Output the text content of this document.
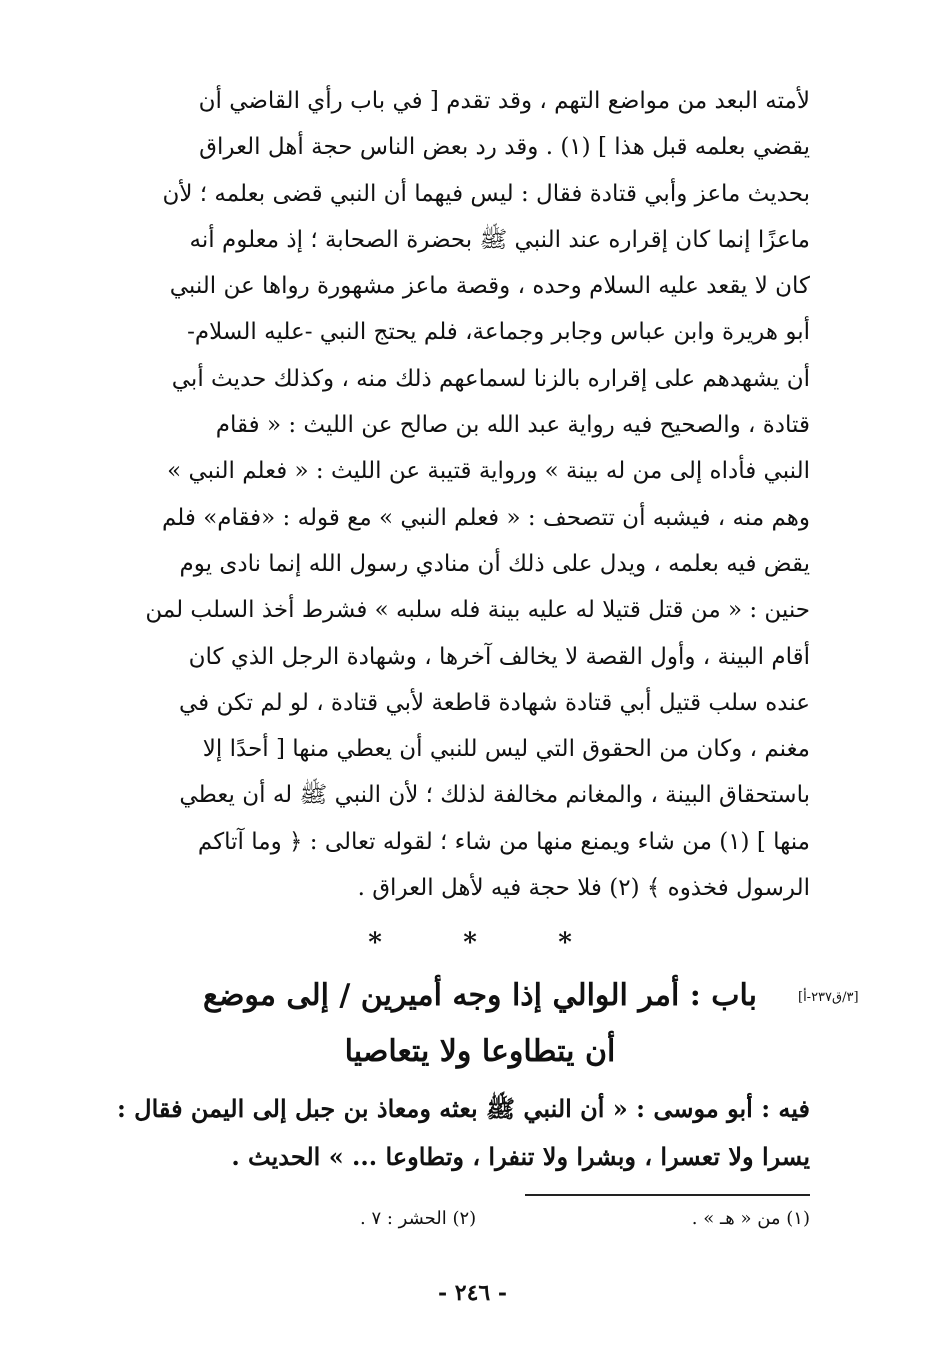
لأمته البعد من مواضع التهم ، وقد تقدم [ في باب رأي القاضي أن
يقضي بعلمه قبل هذا ] (١) . وقد رد بعض الناس حجة أهل العراق
بحديث ماعز وأبي قتادة فقال : ليس فيهما أن النبي قضى بعلمه ؛ لأن
ماعزًا إنما كان إقراره عند النبي ﷺ بحضرة الصحابة ؛ إذ معلوم أنه
كان لا يقعد عليه السلام وحده ، وقصة ماعز مشهورة رواها عن النبي
أبو هريرة وابن عباس وجابر وجماعة، فلم يحتج النبي -عليه السلام-
أن يشهدهم على إقراره بالزنا لسماعهم ذلك منه ، وكذلك حديث أبي
قتادة ، والصحيح فيه رواية عبد الله بن صالح عن الليث : « فقام
النبي فأداه إلى من له بينة » ورواية قتيبة عن الليث : « فعلم النبي »
وهم منه ، فيشبه أن تتصحف : « فعلم النبي » مع قوله : «فقام» فلم
يقض فيه بعلمه ، ويدل على ذلك أن منادي رسول الله إنما نادى يوم
حنين : « من قتل قتيلا له عليه بينة فله سلبه » فشرط أخذ السلب لمن
أقام البينة ، وأول القصة لا يخالف آخرها ، وشهادة الرجل الذي كان
عنده سلب قتيل أبي قتادة شهادة قاطعة لأبي قتادة ، لو لم تكن في
مغنم ، وكان من الحقوق التي ليس للنبي أن يعطي منها [ أحدًا إلا
باستحقاق البينة ، والمغانم مخالفة لذلك ؛ لأن النبي ﷺ له أن يعطي
منها ] (١) من شاء ويمنع منها من شاء ؛ لقوله تعالى : ﴿ وما آتاكم
الرسول فخذوه ﴾ (٢) فلا حجة فيه لأهل العراق .
*	*	*
[٣/ق٢٣٧-أ]
باب : أمر الوالي إذا وجه أميرين / إلى موضع
أن يتطاوعا ولا يتعاصيا
فيه : أبو موسى : « أن النبي ﷺ بعثه ومعاذ بن جبل إلى اليمن فقال :
يسرا ولا تعسرا ، وبشرا ولا تنفرا ، وتطاوعا ... » الحديث .
(١) من « هـ » .
(٢) الحشر : ٧ .
- ٢٤٦ -
